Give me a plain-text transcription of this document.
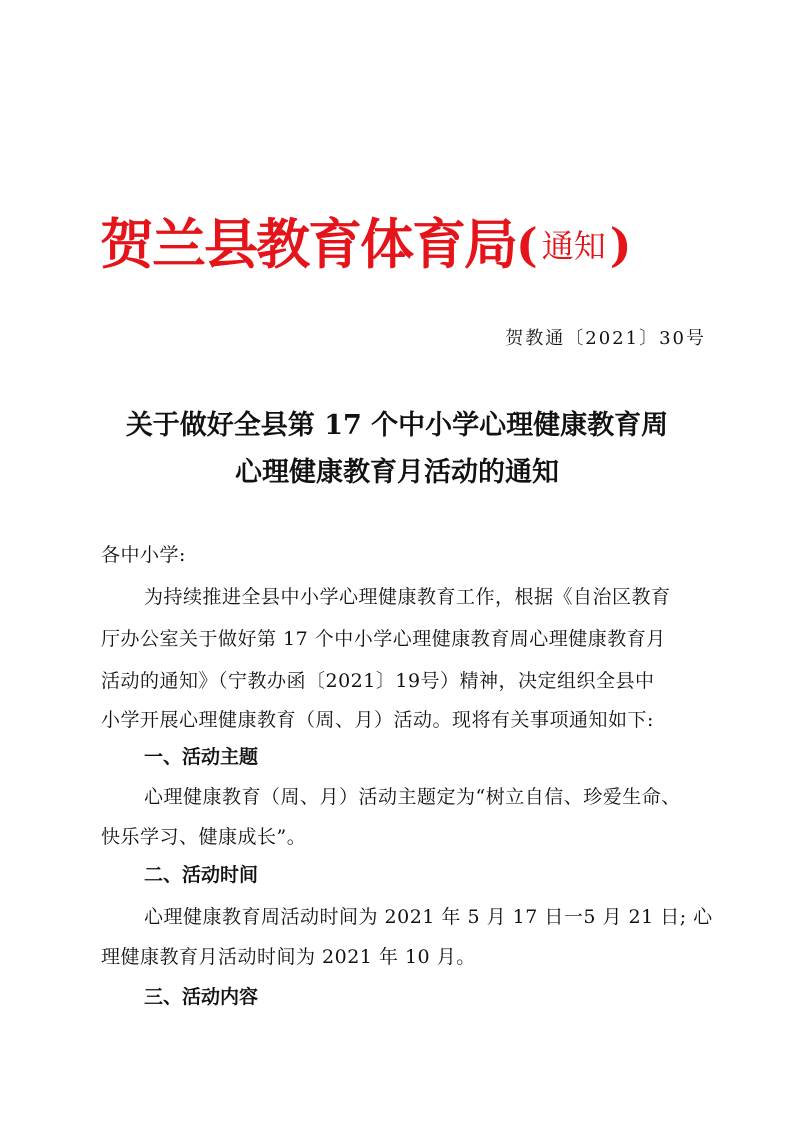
贺兰县教育体育局( 通知)
贺教通〔2021〕30号
关于做好全县第 17 个中小学心理健康教育周
心理健康教育月活动的通知
各中小学:
为持续推进全县中小学心理健康教育工作，根据《自治区教育
厅办公室关于做好第 17 个中小学心理健康教育周心理健康教育月
活动的通知》（宁教办函〔2021〕19号）精神，决定组织全县中
小学开展心理健康教育（周、月）活动。现将有关事项通知如下:
一、活动主题
心理健康教育（周、月）活动主题定为“树立自信、珍爱生命、
快乐学习、健康成长”。
二、活动时间
心理健康教育周活动时间为 2021 年 5 月 17 日一5 月 21 日; 心
理健康教育月活动时间为 2021 年 10 月。
三、活动内容
